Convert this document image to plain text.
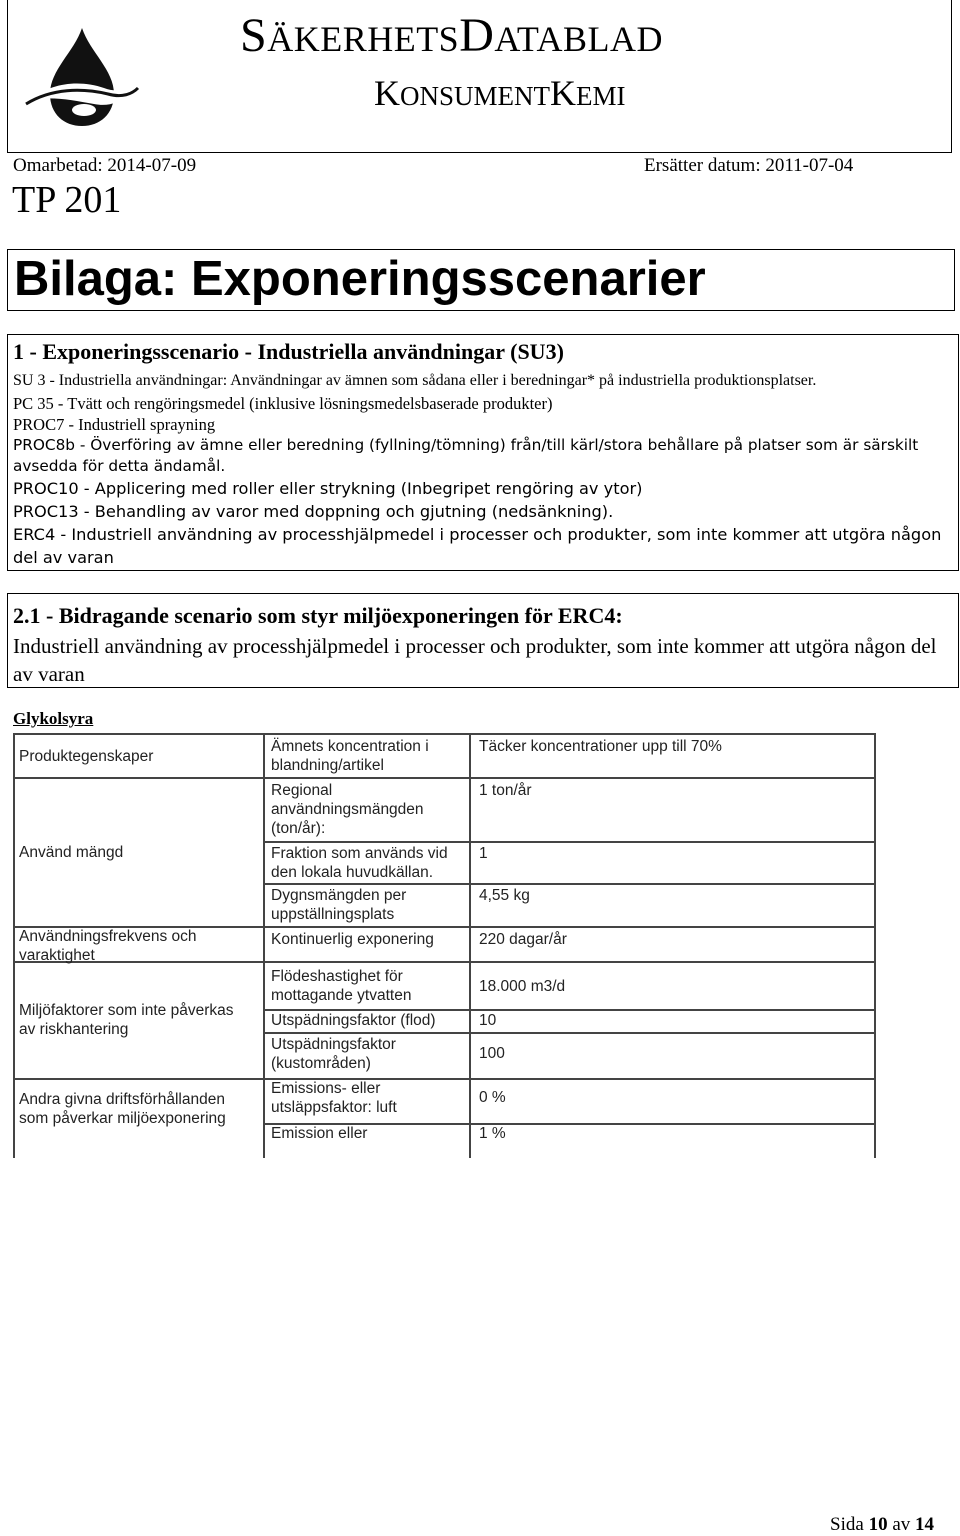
SÄKERHETSDATABLAD
KONSUMENTKEMI
Omarbetad: 2014-07-09	Ersätter datum: 2011-07-04
TP 201
Bilaga: Exponeringsscenarier
1 - Exponeringsscenario - Industriella användningar (SU3)
SU 3 - Industriella användningar: Användningar av ämnen som sådana eller i beredningar* på industriella produktionsplatser.
PC 35 - Tvätt och rengöringsmedel (inklusive lösningsmedelsbaserade produkter)
PROC7 - Industriell sprayning
PROC8b - Överföring av ämne eller beredning (fyllning/tömning) från/till kärl/stora behållare på platser som är särskilt
avsedda för detta ändamål.
PROC10 - Applicering med roller eller strykning (Inbegripet rengöring av ytor)
PROC13 - Behandling av varor med doppning och gjutning (nedsänkning).
ERC4 - Industriell användning av processhjälpmedel i processer och produkter, som inte kommer att utgöra någon
del av varan
2.1 - Bidragande scenario som styr miljöexponeringen för ERC4:
Industriell användning av processhjälpmedel i processer och produkter, som inte kommer att utgöra någon del av varan
Glykolsyra
Produktegenskaper
Använd mängd
Användningsfrekvens och
varaktighet
Miljöfaktorer som inte påverkas
av riskhantering
Andra givna driftsförhållanden
som påverkar miljöexponering
Ämnets koncentration i
blandning/artikel
Regional
användningsmängden
(ton/år):
Fraktion som används vid
den lokala huvudkällan.
Dygnsmängden per
uppställningsplats
Kontinuerlig exponering
Flödeshastighet för
mottagande ytvatten
Utspädningsfaktor (flod)
Utspädningsfaktor
(kustområden)
Emissions- eller
utsläppsfaktor: luft
Emission eller
Täcker koncentrationer upp till 70%
1 ton/år
1
4,55 kg
220 dagar/år
18.000 m3/d
10
100
0 %
1 %
Sida 10 av 14
